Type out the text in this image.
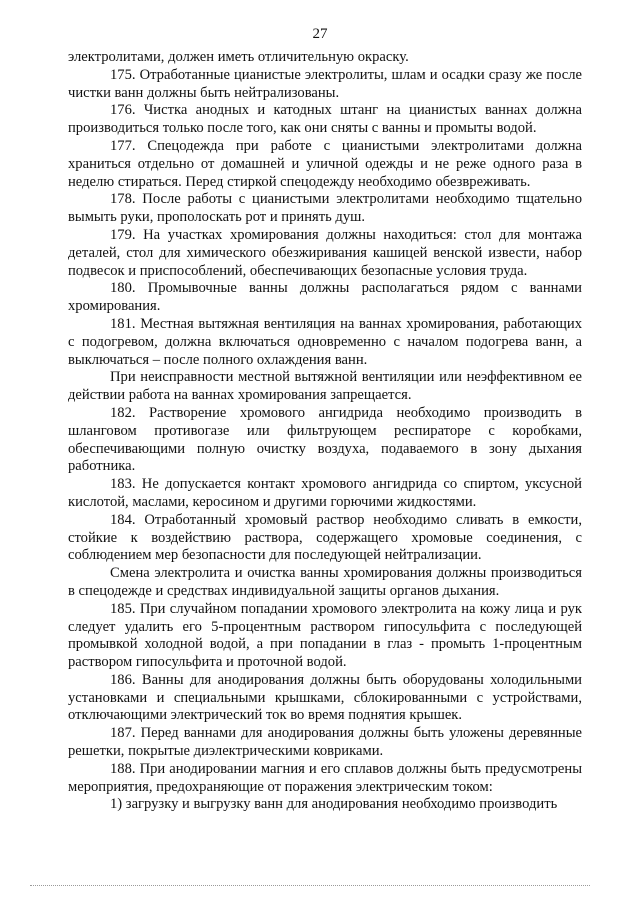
27

электролитами, должен иметь отличительную окраску.

175. Отработанные цианистые электролиты, шлам и осадки сразу же после чистки ванн должны быть нейтрализованы.

176. Чистка анодных и катодных штанг на цианистых ваннах должна производиться только после того, как они сняты с ванны и промыты водой.

177. Спецодежда при работе с цианистыми электролитами должна храниться отдельно от домашней и уличной одежды и не реже одного раза в неделю стираться. Перед стиркой спецодежду необходимо обезвреживать.

178. После работы с цианистыми электролитами необходимо тщательно вымыть руки, прополоскать рот и принять душ.

179. На участках хромирования должны находиться: стол для монтажа деталей, стол для химического обезжиривания кашицей венской извести, набор подвесок и приспособлений, обеспечивающих безопасные условия труда.

180. Промывочные ванны должны располагаться рядом с ваннами хромирования.

181. Местная вытяжная вентиляция на ваннах хромирования, работающих с подогревом, должна включаться одновременно с началом подогрева ванн, а выключаться – после полного охлаждения ванн.

При неисправности местной вытяжной вентиляции или неэффективном ее действии работа на ваннах хромирования запрещается.

182. Растворение хромового ангидрида необходимо производить в шланговом противогазе или фильтрующем респираторе с коробками, обеспечивающими полную очистку воздуха, подаваемого в зону дыхания работника.

183. Не допускается контакт хромового ангидрида со спиртом, уксусной кислотой, маслами, керосином и другими горючими жидкостями.

184. Отработанный хромовый раствор необходимо сливать в емкости, стойкие к воздействию раствора, содержащего хромовые соединения, с соблюдением мер безопасности для последующей нейтрализации.

Смена электролита и очистка ванны хромирования должны производиться в спецодежде и средствах индивидуальной защиты органов дыхания.

185. При случайном попадании хромового электролита на кожу лица и рук следует удалить его 5-процентным раствором гипосульфита с последующей промывкой холодной водой, а при попадании в глаз - промыть 1-процентным раствором гипосульфита и проточной водой.

186. Ванны для анодирования должны быть оборудованы холодильными установками и специальными крышками, сблокированными с устройствами, отключающими электрический ток во время поднятия крышек.

187. Перед ваннами для анодирования должны быть уложены деревянные решетки, покрытые диэлектрическими ковриками.

188. При анодировании магния и его сплавов должны быть предусмотрены мероприятия, предохраняющие от поражения электрическим током:

1) загрузку и выгрузку ванн для анодирования необходимо производить
